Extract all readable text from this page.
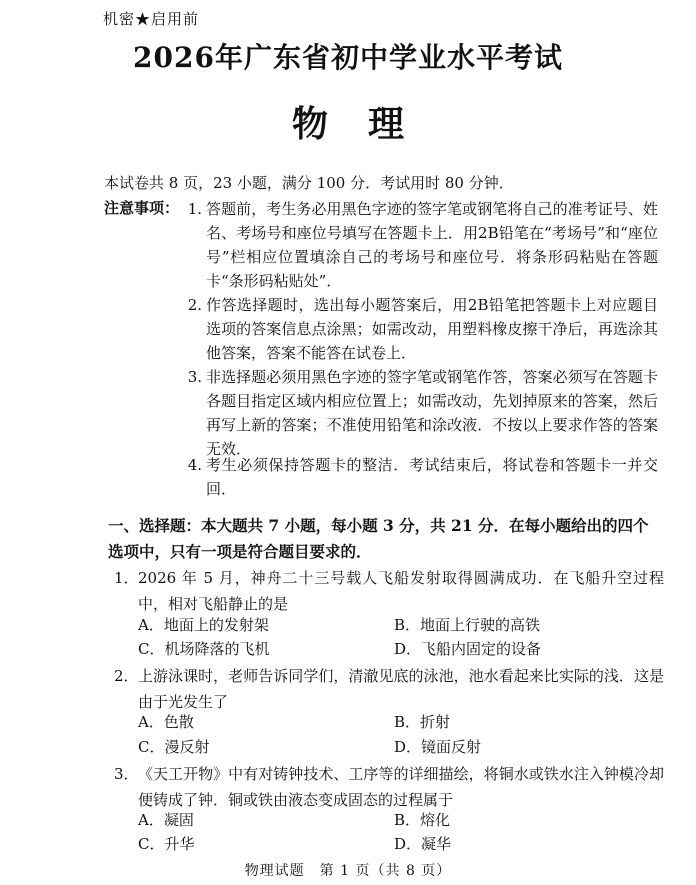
机密★启用前
2026年广东省初中学业水平考试
物理
本试卷共 8 页，23 小题，满分 100 分．考试用时 80 分钟．
注意事项： 1. 答题前，考生务必用黑色字迹的签字笔或钢笔将自己的准考证号、姓名、考场号和座位号填写在答题卡上．用2B铅笔在“考场号”和“座位号”栏相应位置填涂自己的考场号和座位号．将条形码粘贴在答题卡“条形码粘贴处”．
2. 作答选择题时，选出每小题答案后，用2B铅笔把答题卡上对应题目选项的答案信息点涂黑；如需改动，用塑料橡皮擦干净后，再选涂其他答案，答案不能答在试卷上．
3. 非选择题必须用黑色字迹的签字笔或钢笔作答，答案必须写在答题卡各题目指定区域内相应位置上；如需改动，先划掉原来的答案，然后再写上新的答案；不准使用铅笔和涂改液．不按以上要求作答的答案无效．
4. 考生必须保持答题卡的整洁．考试结束后，将试卷和答题卡一并交回．
一、选择题：本大题共 7 小题，每小题 3 分，共 21 分．在每小题给出的四个选项中，只有一项是符合题目要求的．
1． 2026 年 5 月，神舟二十三号载人飞船发射取得圆满成功．在飞船升空过程中，相对飞船静止的是
A．地面上的发射架	B．地面上行驶的高铁
C．机场降落的飞机	D．飞船内固定的设备
2． 上游泳课时，老师告诉同学们，清澈见底的泳池，池水看起来比实际的浅．这是由于光发生了
A．色散	B．折射
C．漫反射	D．镜面反射
3． 《天工开物》中有对铸钟技术、工序等的详细描绘，将铜水或铁水注入钟模冷却便铸成了钟．铜或铁由液态变成固态的过程属于
A．凝固	B．熔化
C．升华	D．凝华
物理试题　第 1 页（共 8 页）
